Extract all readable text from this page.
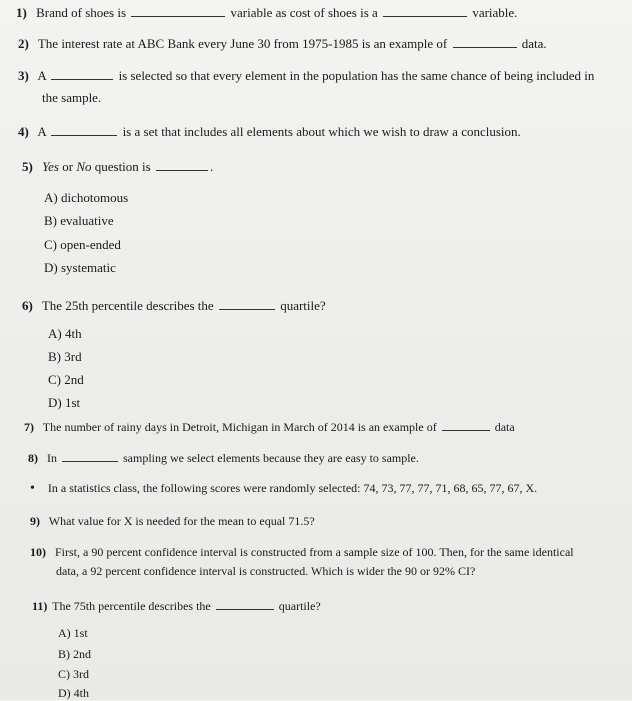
1) Brand of shoes is	variable as cost of shoes is a	variable.
2) The interest rate at ABC Bank every June 30 from 1975-1985 is an example of	data.
3) A	is selected so that every element in the population has the same chance of being included in
the sample.
4) A	is a set that includes all elements about which we wish to draw a conclusion.
5) Yes or No question is	.
A) dichotomous
B) evaluative
C) open-ended
D) systematic
6) The 25th percentile describes the	quartile?
A) 4th
B) 3rd
C) 2nd
D) 1st
7) The number of rainy days in Detroit, Michigan in March of 2014 is an example of	data
8) In	sampling we select elements because they are easy to sample.
• In a statistics class, the following scores were randomly selected: 74, 73, 77, 77, 71, 68, 65, 77, 67, X.
9) What value for X is needed for the mean to equal 71.5?
10) First, a 90 percent confidence interval is constructed from a sample size of 100. Then, for the same identical
data, a 92 percent confidence interval is constructed. Which is wider the 90 or 92% CI?
11) The 75th percentile describes the	quartile?
A) 1st
B) 2nd
C) 3rd
D) 4th
